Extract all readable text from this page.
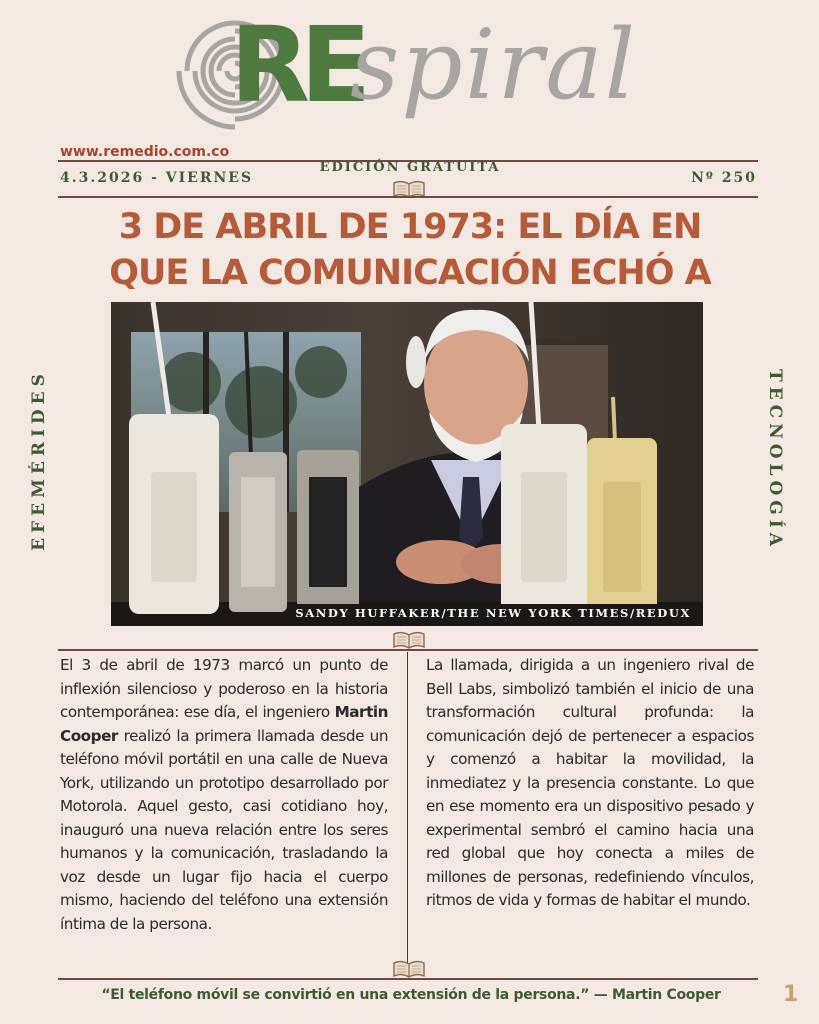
RE
spiral
www.remedio.com.co
EDICIÓN GRATUITA
4.3.2026 - VIERNES	Nº 250
3 DE ABRIL DE 1973: EL DÍA EN QUE LA COMUNICACIÓN ECHÓ A
EFEMÉRIDES	TECNOLOGÍA
SANDY HUFFAKER/THE NEW YORK TIMES/REDUX
El 3 de abril de 1973 marcó un punto de inflexión silencioso y poderoso en la historia contemporánea: ese día, el ingeniero Martin Cooper realizó la primera llamada desde un teléfono móvil portátil en una calle de Nueva York, utilizando un prototipo desarrollado por Motorola. Aquel gesto, casi cotidiano hoy, inauguró una nueva relación entre los seres humanos y la comunicación, trasladando la voz desde un lugar fijo hacia el cuerpo mismo, haciendo del teléfono una extensión íntima de la persona.
La llamada, dirigida a un ingeniero rival de Bell Labs, simbolizó también el inicio de una transformación cultural profunda: la comunicación dejó de pertenecer a espacios y comenzó a habitar la movilidad, la inmediatez y la presencia constante. Lo que en ese momento era un dispositivo pesado y experimental sembró el camino hacia una red global que hoy conecta a miles de millones de personas, redefiniendo vínculos, ritmos de vida y formas de habitar el mundo.
“El teléfono móvil se convirtió en una extensión de la persona.” — Martin Cooper	1
